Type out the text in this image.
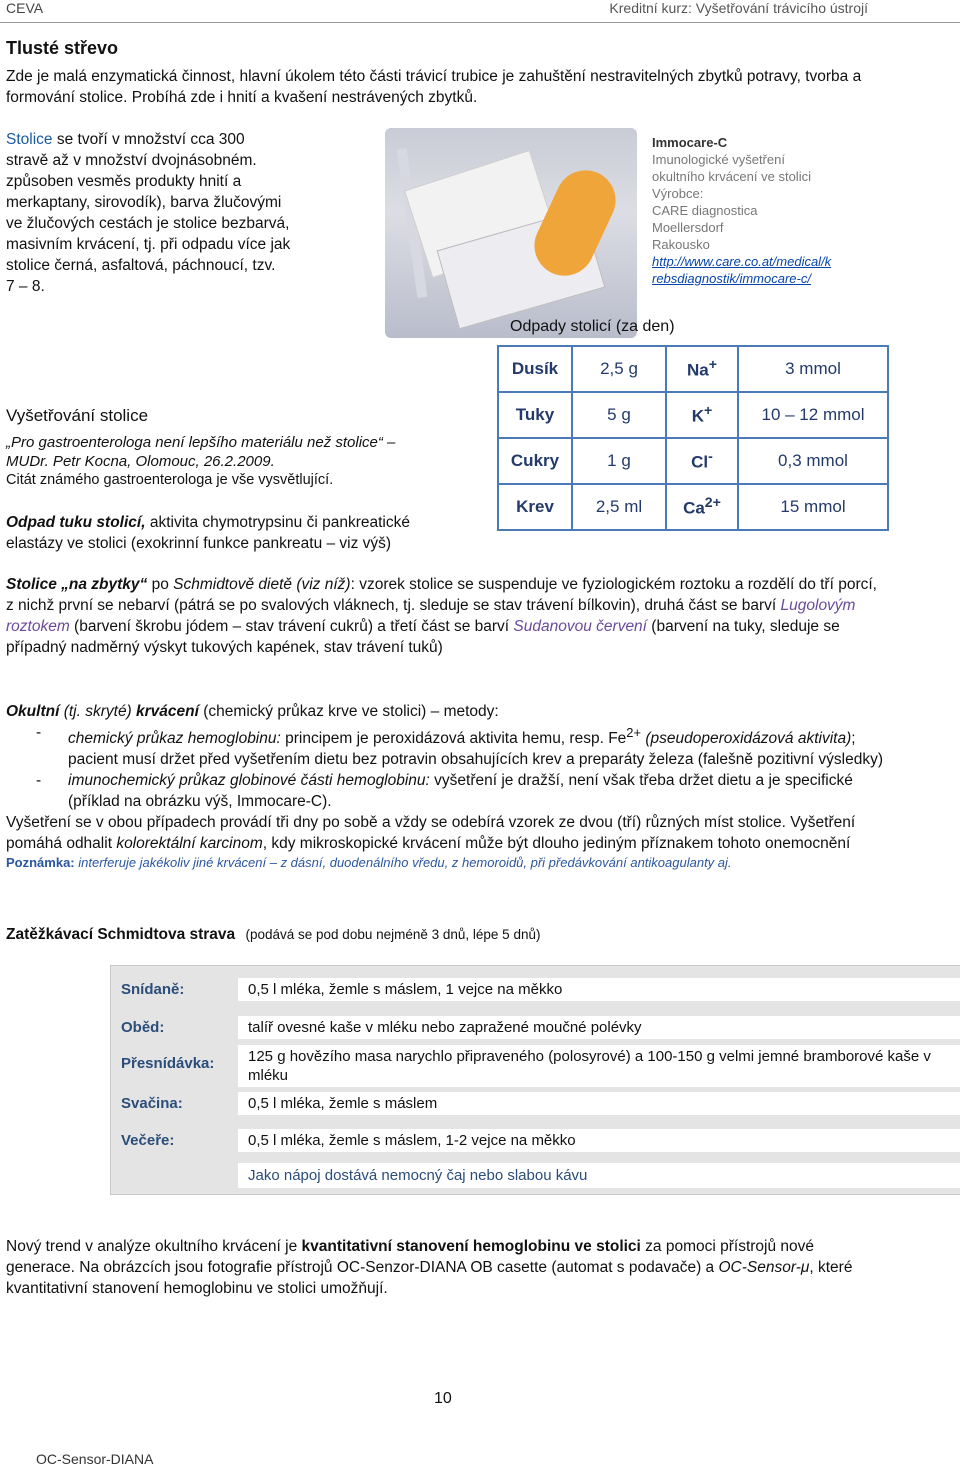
CEVA	Kreditní kurz: Vyšetřování trávicího ústrojí
Tlusté střevo
Zde je malá enzymatická činnost, hlavní úkolem této části trávicí trubice je zahuštění nestravitelných zbytků potravy, tvorba a formování stolice. Probíhá zde i hnití a kvašení nestrávených zbytků.
Stolice se tvoří v množství cca 300
stravě až v množství dvojnásobném.
způsoben vesměs produkty hnití a
merkaptany, sirovodík), barva žlučovými
ve žlučových cestách je stolice bezbarvá,
masivním krvácení, tj. při odpadu více jak
stolice černá, asfaltová, páchnoucí, tzv.
7 – 8.
Immocare-C
Imunologické vyšetření
okultního krvácení ve stolici
Výrobce:
CARE diagnostica
Moellersdorf
Rakousko
http://www.care.co.at/medical/k
rebsdiagnostik/immocare-c/
Odpady stolicí (za den)
Dusík	2,5 g	Na+	3 mmol
Tuky	5 g	K+	10 – 12 mmol
Cukry	1 g	Cl-	0,3 mmol
Krev	2,5 ml	$Ca^{2+}$	15 mmol
Vyšetřování stolice
„Pro gastroenterologa není lepšího materiálu než stolice“ –
MUDr. Petr Kocna, Olomouc, 26.2.2009.
Citát známého gastroenterologa je vše vysvětlující.
Odpad tuku stolicí, aktivita chymotrypsinu či pankreatické
elastázy ve stolici (exokrinní funkce pankreatu – viz výš)
Stolice „na zbytky“ po Schmidtově dietě (viz níž): vzorek stolice se suspenduje ve fyziologickém roztoku a rozdělí do tří porcí, z nichž první se nebarví (pátrá se po svalových vláknech, tj. sleduje se stav trávení bílkovin), druhá část se barví Lugolovým roztokem (barvení škrobu jódem – stav trávení cukrů) a třetí část se barví Sudanovou červení (barvení na tuky, sleduje se případný nadměrný výskyt tukových kapének, stav trávení tuků)
Okultní (tj. skryté) krvácení (chemický průkaz krve ve stolici) – metody:
- chemický průkaz hemoglobinu: principem je peroxidázová aktivita hemu, resp. $Fe^{2+}$ (pseudoperoxidázová aktivita); pacient musí držet před vyšetřením dietu bez potravin obsahujících krev a preparáty železa (falešně pozitivní výsledky)
- imunochemický průkaz globinové části hemoglobinu: vyšetření je dražší, není však třeba držet dietu a je specifické (příklad na obrázku výš, Immocare-C).
Vyšetření se v obou případech provádí tři dny po sobě a vždy se odebírá vzorek ze dvou (tří) různých míst stolice. Vyšetření pomáhá odhalit kolorektální karcinom, kdy mikroskopické krvácení může být dlouho jediným příznakem tohoto onemocnění
Poznámka: interferuje jakékoliv jiné krvácení – z dásní, duodenálního vředu, z hemoroidů, při předávkování antikoagulanty aj.
Zatěžkávací Schmidtova strava (podává se pod dobu nejméně 3 dnů, lépe 5 dnů)
Snídaně:	0,5 l mléka, žemle s máslem, 1 vejce na měkko
Oběd:	talíř ovesné kaše v mléku nebo zapražené moučné polévky
Přesnídávka:	125 g hovězího masa narychlo připraveného (polosyrové) a 100-150 g velmi jemné bramborové kaše v mléku
Svačina:	0,5 l mléka, žemle s máslem
Večeře:	0,5 l mléka, žemle s máslem, 1-2 vejce na měkko
Jako nápoj dostává nemocný čaj nebo slabou kávu
Nový trend v analýze okultního krvácení je kvantitativní stanovení hemoglobinu ve stolici za pomoci přístrojů nové generace. Na obrázcích jsou fotografie přístrojů OC-Senzor-DIANA OB casette (automat s podavače) a OC-Sensor-μ, které kvantitativní stanovení hemoglobinu ve stolici umožňují.
10
OC-Sensor-DIANA
